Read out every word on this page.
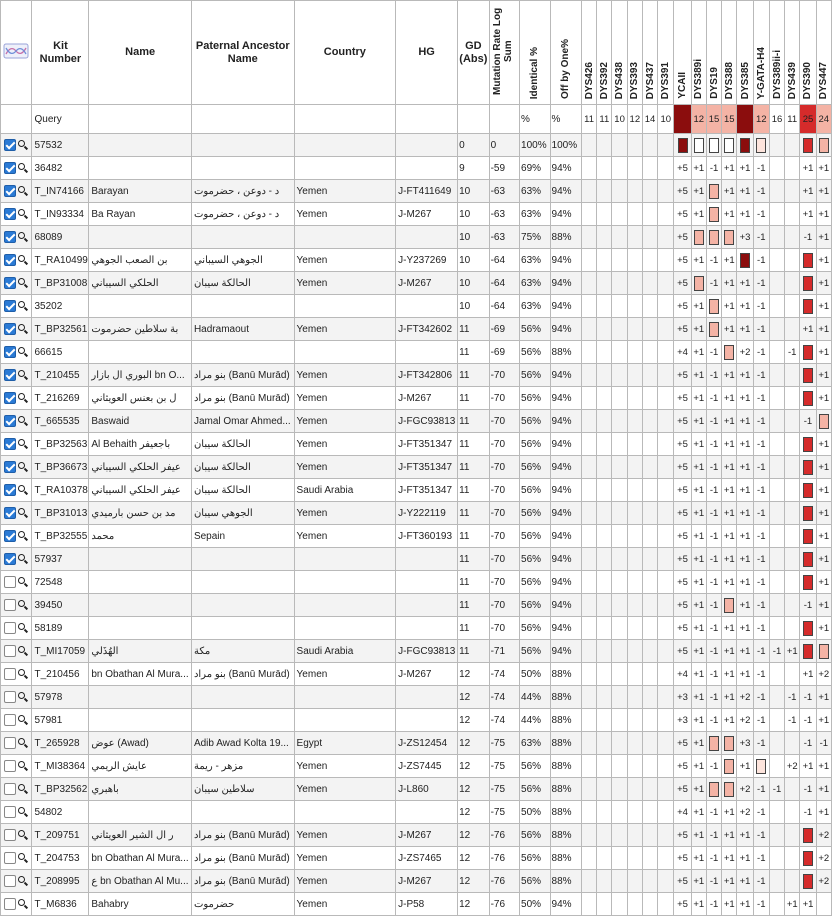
	Kit Number	Name	Paternal Ancestor Name	Country	HG	GD (Abs)	Mutation Rate Log Sum	Identical %	Off by One%	DYS426	DYS392	DYS438	DYS393	DYS437	DYS391	YCAII	DYS389i	DYS19	DYS388	DYS385	Y-GATA-H4	DYS389ii-i	DYS439	DYS390	DYS447
	Query							%	%	11	11	10	12	14	10		12	15	15		12	16	11	25	24
	57532					0	0	100%	100%																
	36482					9	-59	69%	94%							+5	+1	-1	+1	+1	-1			+1	+1
	T_IN74166	Barayan	د - دوعن ، حضرموت	Yemen	J-FT411649	10	-63	63%	94%							+5	+1		+1	+1	-1			+1	+1
	T_IN93334	Ba Rayan	د - دوعن ، حضرموت	Yemen	J-M267	10	-63	63%	94%							+5	+1		+1	+1	-1			+1	+1
	68089					10	-63	75%	88%							+5				+3	-1			-1	+1
	T_RA10499	بن الصعب الجوهي	الجوهي السيباني	Yemen	J-Y237269	10	-64	63%	94%							+5	+1	-1	+1		-1				+1
	T_BP31008	الحلكي السيباني	الحالكة سيبان	Yemen	J-M267	10	-64	63%	94%							+5		-1	+1	+1	-1				+1
	35202					10	-64	63%	94%							+5	+1		+1	+1	-1				+1
	T_BP32561	بة سلاطين حضرموت	Hadramaout	Yemen	J-FT342602	11	-69	56%	94%							+5	+1		+1	+1	-1			+1	+1
	66615					11	-69	56%	88%							+4	+1	-1		+2	-1		-1		+1
	T_210455	البوري ال بازار bn O...	بنو مراد (Banū Murād)	Yemen	J-FT342806	11	-70	56%	94%							+5	+1	-1	+1	+1	-1				+1
	T_216269	ل بن بعنس العويثاني	بنو مراد (Banū Murād)	Yemen	J-M267	11	-70	56%	94%							+5	+1	-1	+1	+1	-1				+1
	T_665535	Baswaid	Jamal Omar Ahmed...	Yemen	J-FGC93813	11	-70	56%	94%							+5	+1	-1	+1	+1	-1			-1	
	T_BP32563	Al Behaith باجعيفر	الحالكة سيبان	Yemen	J-FT351347	11	-70	56%	94%							+5	+1	-1	+1	+1	-1				+1
	T_BP36673	عيفر الحلكي السيباني	الحالكة سيبان	Yemen	J-FT351347	11	-70	56%	94%							+5	+1	-1	+1	+1	-1				+1
	T_RA10378	عيفر الحلكي السيباني	الحالكة سيبان	Saudi Arabia	J-FT351347	11	-70	56%	94%							+5	+1	-1	+1	+1	-1				+1
	T_BP31013	مد بن حسن بارميدي	الجوهي سيبان	Yemen	J-Y222119	11	-70	56%	94%							+5	+1	-1	+1	+1	-1				+1
	T_BP32555	محمد	Sepain	Yemen	J-FT360193	11	-70	56%	94%							+5	+1	-1	+1	+1	-1				+1
	57937					11	-70	56%	94%							+5	+1	-1	+1	+1	-1				+1
	72548					11	-70	56%	94%							+5	+1	-1	+1	+1	-1				+1
	39450					11	-70	56%	94%							+5	+1	-1		+1	-1			-1	+1
	58189					11	-70	56%	94%							+5	+1	-1	+1	+1	-1				+1
	T_MI17059	الهُذَلي	مكة	Saudi Arabia	J-FGC93813	11	-71	56%	94%							+5	+1	-1	+1	+1	-1	-1	+1		
	T_210456	bn Obathan Al Mura...	بنو مراد (Banū Murād)	Yemen	J-M267	12	-74	50%	88%							+4	+1	-1	+1	+1	-1			+1	+2
	57978					12	-74	44%	88%							+3	+1	-1	+1	+2	-1		-1	-1	+1
	57981					12	-74	44%	88%							+3	+1	-1	+1	+2	-1		-1	-1	+1
	T_265928	عوض (Awad)	Adib Awad Kolta 19...	Egypt	J-ZS12454	12	-75	63%	88%							+5	+1			+3	-1			-1	-1
	T_MI38364	عايش الريمي	مزهر - ريمة	Yemen	J-ZS7445	12	-75	56%	88%							+5	+1	-1		+1			+2	+1	+1
	T_BP32562	باهبري	سلاطين سيبان	Yemen	J-L860	12	-75	56%	88%							+5	+1			+2	-1	-1		-1	+1
	54802					12	-75	50%	88%							+4	+1	-1	+1	+2	-1			-1	+1
	T_209751	ر ال الشير العويثاني	بنو مراد (Banū Murād)	Yemen	J-M267	12	-76	56%	88%							+5	+1	-1	+1	+1	-1				+2
	T_204753	bn Obathan Al Mura...	بنو مراد (Banū Murād)	Yemen	J-ZS7465	12	-76	56%	88%							+5	+1	-1	+1	+1	-1				+2
	T_208995	ع bn Obathan Al Mu...	بنو مراد (Banū Murād)	Yemen	J-M267	12	-76	56%	88%							+5	+1	-1	+1	+1	-1				+2
	T_M6836	Bahabry	حضرموت	Yemen	J-P58	12	-76	50%	94%							+5	+1	-1	+1	+1	-1		+1	+1	
